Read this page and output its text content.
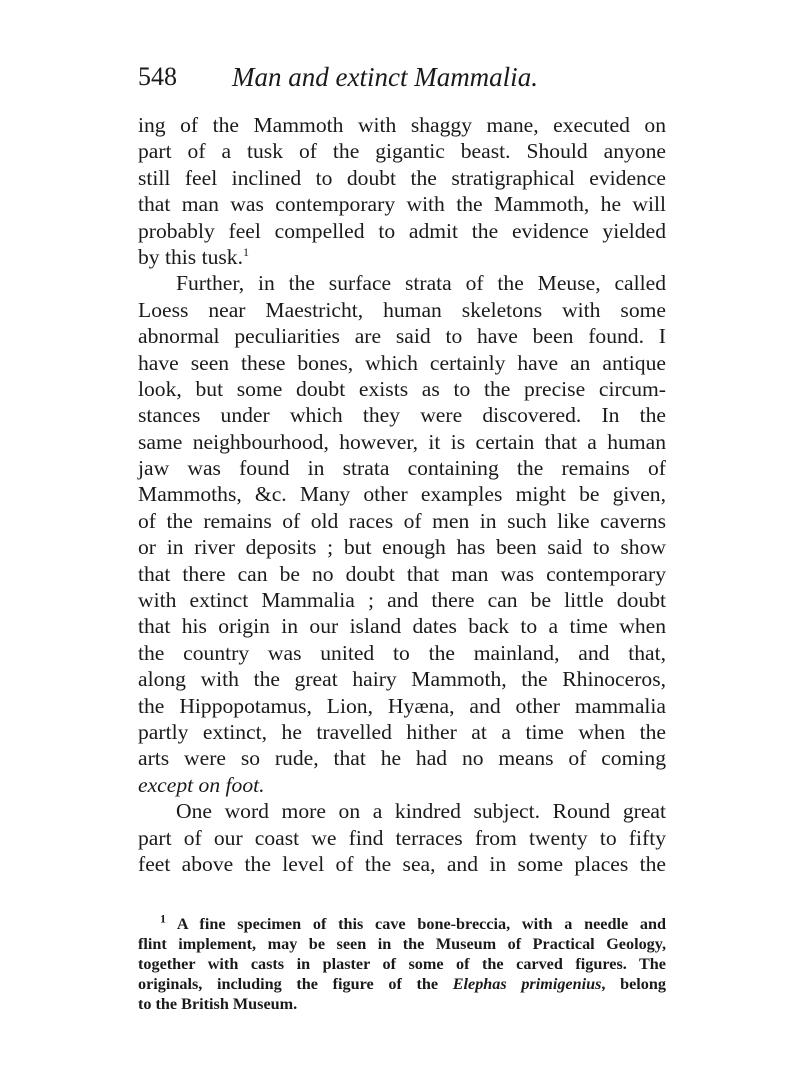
548 Man and extinct Mammalia.
ing of the Mammoth with shaggy mane, executed on
part of a tusk of the gigantic beast. Should anyone
still feel inclined to doubt the stratigraphical evidence
that man was contemporary with the Mammoth, he will
probably feel compelled to admit the evidence yielded
by this tusk.$^1$
Further, in the surface strata of the Meuse, called
Loess near Maestricht, human skeletons with some
abnormal peculiarities are said to have been found. I
have seen these bones, which certainly have an antique
look, but some doubt exists as to the precise circum-
stances under which they were discovered. In the
same neighbourhood, however, it is certain that a human
jaw was found in strata containing the remains of
Mammoths, &c. Many other examples might be given,
of the remains of old races of men in such like caverns
or in river deposits ; but enough has been said to show
that there can be no doubt that man was contemporary
with extinct Mammalia ; and there can be little doubt
that his origin in our island dates back to a time when
the country was united to the mainland, and that,
along with the great hairy Mammoth, the Rhinoceros,
the Hippopotamus, Lion, Hyæna, and other mammalia
partly extinct, he travelled hither at a time when the
arts were so rude, that he had no means of coming
except on foot.
One word more on a kindred subject. Round great
part of our coast we find terraces from twenty to fifty
feet above the level of the sea, and in some places the
$^1$ A fine specimen of this cave bone-breccia, with a needle and
flint implement, may be seen in the Museum of Practical Geology,
together with casts in plaster of some of the carved figures. The
originals, including the figure of the Elephas primigenius, belong
to the British Museum.
